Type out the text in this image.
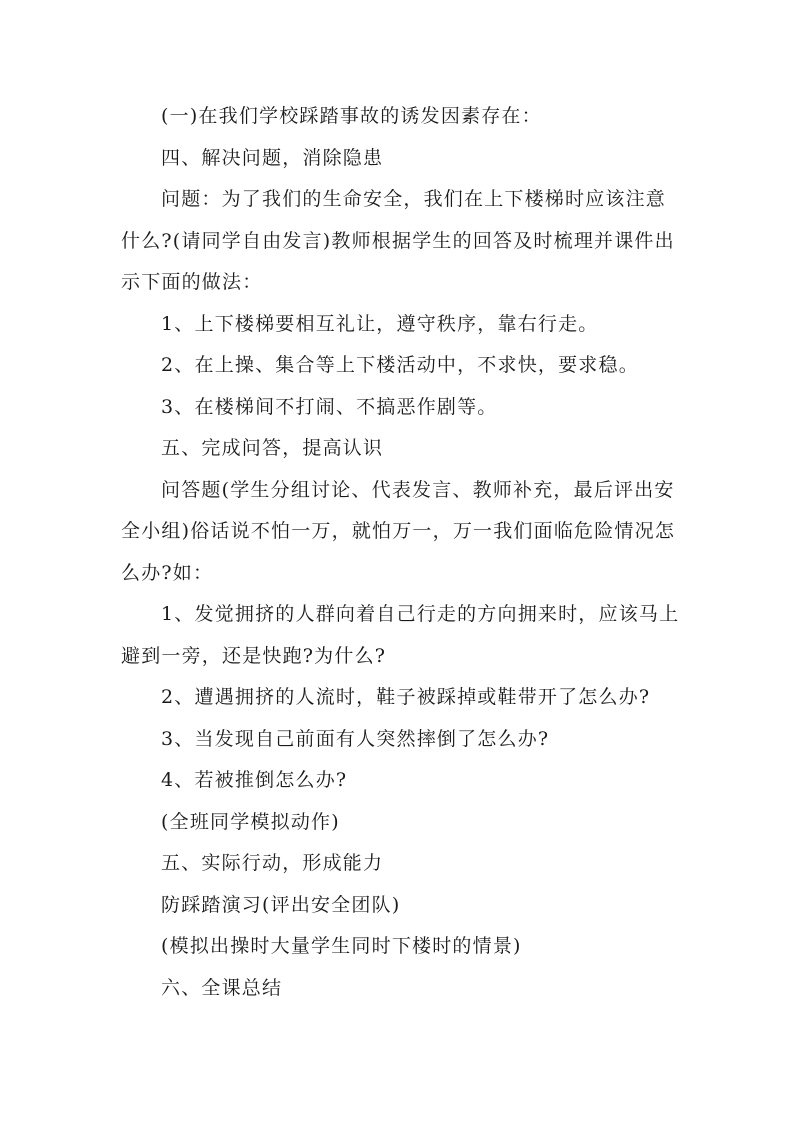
(一)在我们学校踩踏事故的诱发因素存在：

四、解决问题，消除隐患

问题：为了我们的生命安全，我们在上下楼梯时应该注意什么?(请同学自由发言)教师根据学生的回答及时梳理并课件出示下面的做法：

1、上下楼梯要相互礼让，遵守秩序，靠右行走。

2、在上操、集合等上下楼活动中，不求快，要求稳。

3、在楼梯间不打闹、不搞恶作剧等。

五、完成问答，提高认识

问答题(学生分组讨论、代表发言、教师补充，最后评出安全小组)俗话说不怕一万，就怕万一，万一我们面临危险情况怎么办?如：

1、发觉拥挤的人群向着自己行走的方向拥来时，应该马上避到一旁，还是快跑?为什么?

2、遭遇拥挤的人流时，鞋子被踩掉或鞋带开了怎么办?

3、当发现自己前面有人突然摔倒了怎么办?

4、若被推倒怎么办?

(全班同学模拟动作)

五、实际行动，形成能力

防踩踏演习(评出安全团队)

(模拟出操时大量学生同时下楼时的情景)

六、全课总结
